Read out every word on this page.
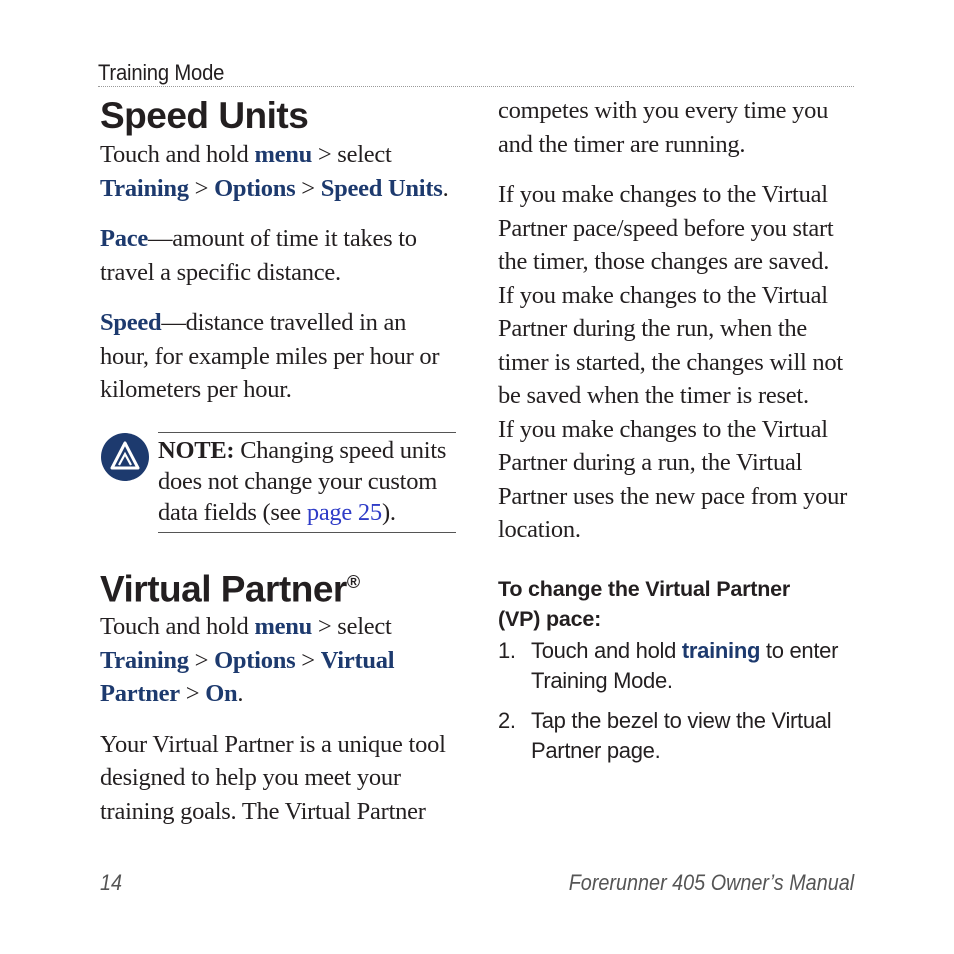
Training Mode
Speed Units

Touch and hold menu > select
Training > Options > Speed Units.

Pace—amount of time it takes to travel a specific distance.

Speed—distance travelled in an hour, for example miles per hour or kilometers per hour.

NOTE: Changing speed units does not change your custom data fields (see page 25).

Virtual Partner®

Touch and hold menu > select
Training > Options > Virtual Partner > On.

Your Virtual Partner is a unique tool designed to help you meet your training goals. The Virtual Partner

competes with you every time you and the timer are running.

If you make changes to the Virtual Partner pace/speed before you start the timer, those changes are saved.

If you make changes to the Virtual Partner during the run, when the timer is started, the changes will not be saved when the timer is reset.

If you make changes to the Virtual Partner during a run, the Virtual Partner uses the new pace from your location.

To change the Virtual Partner (VP) pace:
1. Touch and hold training to enter Training Mode.
2. Tap the bezel to view the Virtual Partner page.
14	Forerunner 405 Owner’s Manual
